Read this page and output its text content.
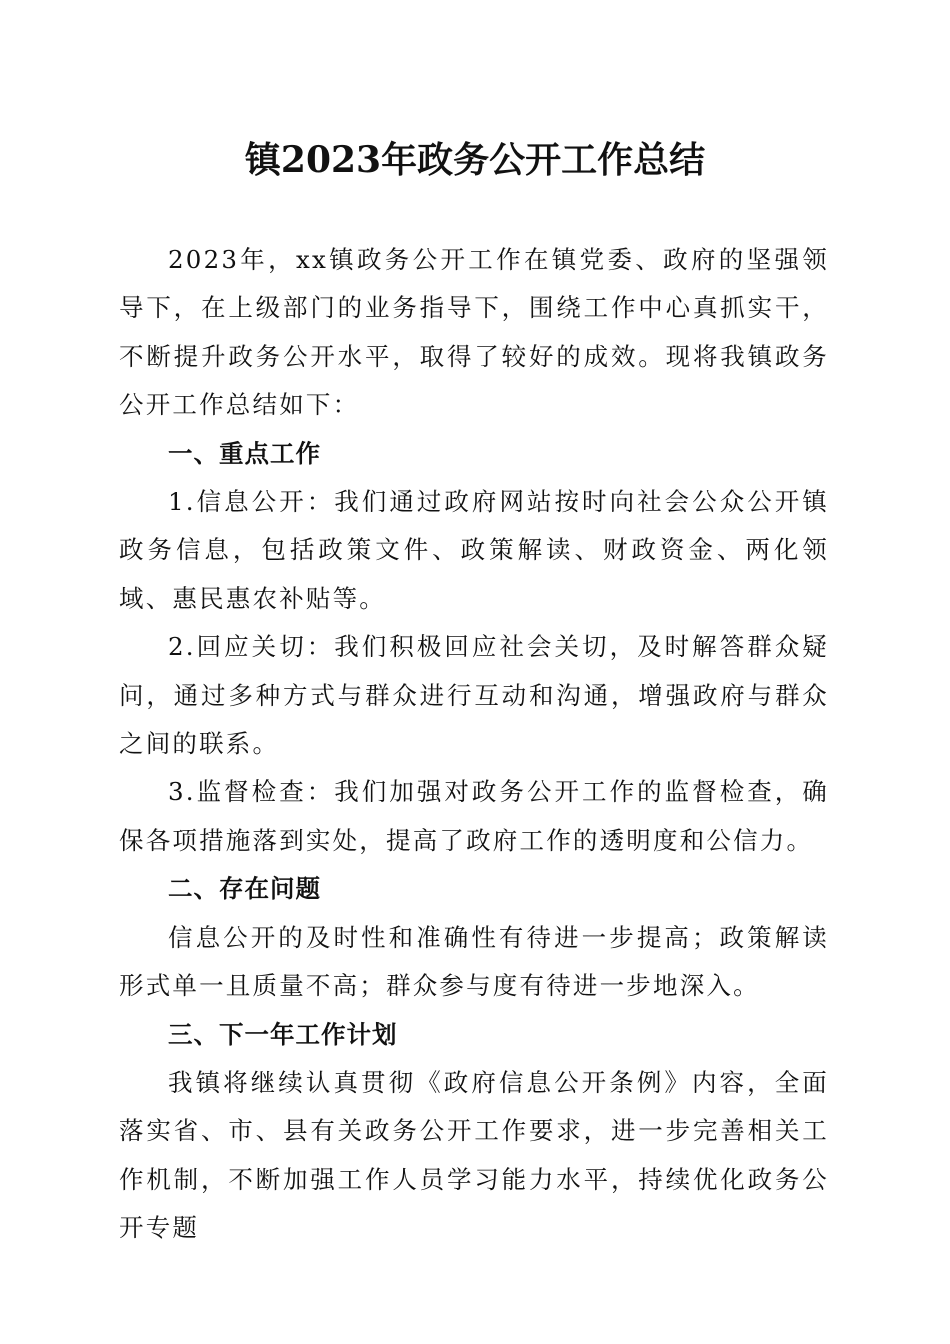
镇2023年政务公开工作总结

2023年，xx镇政务公开工作在镇党委、政府的坚强领导下，在上级部门的业务指导下，围绕工作中心真抓实干，不断提升政务公开水平，取得了较好的成效。现将我镇政务公开工作总结如下：

一、重点工作

1.信息公开：我们通过政府网站按时向社会公众公开镇政务信息，包括政策文件、政策解读、财政资金、两化领域、惠民惠农补贴等。

2.回应关切：我们积极回应社会关切，及时解答群众疑问，通过多种方式与群众进行互动和沟通，增强政府与群众之间的联系。

3.监督检查：我们加强对政务公开工作的监督检查，确保各项措施落到实处，提高了政府工作的透明度和公信力。

二、存在问题

信息公开的及时性和准确性有待进一步提高；政策解读形式单一且质量不高；群众参与度有待进一步地深入。

三、下一年工作计划

我镇将继续认真贯彻《政府信息公开条例》内容，全面落实省、市、县有关政务公开工作要求，进一步完善相关工作机制，不断加强工作人员学习能力水平，持续优化政务公开专题
